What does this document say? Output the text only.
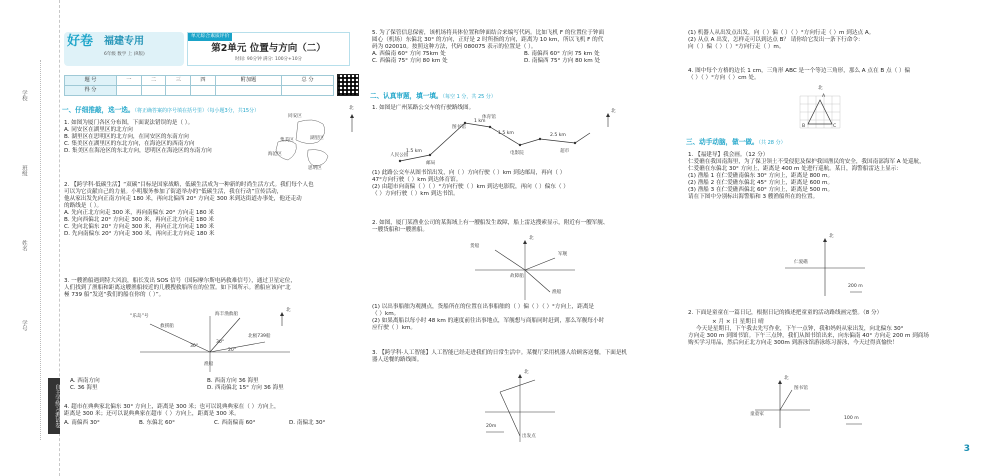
学校
班级
姓名
学号
自主学练习测试卷
好卷	福建专用
6年级 数学 上 (R版)
单元综合素质评价
第2单元 位置与方向（二）
时间: 90分钟 满分: 100分+10分
题 号	一	二	三	四	附加题	总 分
得 分						
一、仔细推敲，选一选。（将正确答案的序号填在括号里）（每小题3分，共15分）
1. 如图为厦门各区分布图，下面说法错误的是（ ）。
A. 同安区在湖里区的北方向
B. 湖里区在思明区的北方向，在同安区的东南方向
C. 集美区在湖里区的东北方向，在海沧区的西南方向
D. 集美区在海沧区的东北方向，思明区在海沧区的东南方向
同安区
集美区	湖里区
海沧区
思明区
北
2. 【跨学科·低碳生活】“双碳”目标是国家战略，低碳生活成为一种新的时尚生活方式。我们每个人也
可以为它贡献自己的力量。小明服务参加了街道举办的“低碳生活，我在行动”宣传活动，
他从家出发先向正南方向走 180 米，再向北偏西 20° 方向走 300 米到达街道办事处，他还走动
的路线是（ ）。
A. 先向正北方向走 300 米，再向南偏东 20° 方向走 180 米
B. 先向西偏北 20° 方向走 300 米，再向正北方向走 180 米
C. 先向北偏东 20° 方向走 300 米，再向正北方向走 180 米
D. 先向南偏东 20° 方向走 300 米，再向正北方向走 180 米
3. 一艘渔船遇到特大风浪，船长发出 SOS 信号（国际摩尔斯电码救难信号），通过卫星定位，
人们找到了渔船和距离这艘渔船较近的几艘搜救船所在的位置。如下图所示。渔船应该向“北
極 739 船”发送“我们的船在你的（ ）”。
“乐岛”号	海丰渔救船
救援船
北极739船
渔船
北
30°
30°
20°
A. 西南方向	B. 西南方向 36 海里
C. 36 海里	D. 西南偏北 15° 方向 36 海里
4. 超市在典典家北偏东 30° 方向上，距离是 300 米；也可以说典典家在（ ）方向上，
距离是 300 米；还可以说典典家在超市（ ）方向上，距离是 300 米。
A. 南偏西 30°	B. 东偏北 60°	C. 西南偏南 60°	D. 南偏北 30°
5. 为了保管信息保密，该机场将具体位置和钟面结合来编写代码。比如飞机 F 的位置位于钟面
圆心（机场）东偏北 30° 的方向，正好是 2 时所指的方向，距离为 10 km，所以飞机 F 的代
码为 020010。按照这种方法，代码 080075 表示的位置是（ ）。
A. 西偏南 60° 方向 75km 处	B. 南偏西 60° 方向 75 km 处
C. 西偏南 75° 方向 80 km 处	D. 南偏西 75° 方向 80 km 处
二、认真审题，填一填。（每空 1 分，共 25 分）
1. 如图是广州某路公交车的行驶路线图。
人民公园
图书馆
体育馆
电影院	超市
邮局
北
1.5 km
1 km
1.5 km	2.5 km
(1) 此路公交车从图书馆出发，向（ ）方向行驶（ ）km 到达邮局，再向（ ）
47°方向行驶（ ）km 到达体育馆。
(2) 由超市向南偏（ ）（ ）°方向行驶（ ）km 到达电影院，再向（ ）偏东（ ）
（ ）方向行驶（ ）km 到达书馆。
2. 如图，厦门某渔业公司的某海域上有一艘船发生故障，船上雷达搜索显示，附近有一艘军舰、
一艘货船和一艘渔船。
货船
故障船
军舰
渔船
北
(1) 以出事船舶为观测点，货船所在的位置在出事船舶的（ ）偏（ ）（ ）°方向上，距离是
（ ）km。
(2) 如果离船以每小时 48 km 的速度前往出事地点，军舰想与商船同时赶到，那么军舰每小时
应行驶（ ）km。
3. 【跨学科·人工智能】人工智能已经走进我们的日常生活中。某餐厅采用机器人给顾客送餐，下面是机
器人送餐的路线图。
北
20m
出发点
(1) 机器人从出发点出发，向（ ）偏（ ）（ ）°方向行走（ ）m 到达点 A。
(2) 从点 A 出发，怎样走可以到达点 B？ 请你给它发出一条下行命令：
向（ ）偏（ ）（ ）°方向行走（ ）m。
4. 图中每个方格的边长 1 cm，三角形 ABC 是一个等边三角形，那么 A 点在 B 点（ ）偏
（ ）（ ）°方向（ ）cm 处。
北
A
B	C
三、动手动脑，做一做。（共 28 分）
1. 【福建导】我会画。（12 分）
仁爱礁在我国南海里，为了保卫领土不受侵犯及保护我国渔民的安全，我国南部海军 A 处巡航，
仁爱礁在东偏北 30° 方向上，距离是 400 m 处进行巡航。某日，海警船雷达上显示：
(1) 渔船 1 在仁爱礁南偏东 30° 方向上，距离是 800 m。
(2) 渔船 2 在仁爱礁东偏北 45° 方向上，距离是 600 m。
(3) 渔船 3 在仁爱礁西偏北 60° 方向上，距离是 500 m。
请在下图中分别标出海警船和 3 艘渔船所在的位置。
北
仁爱礁
200 m
2. 下面是童童在一篇日记，根据日记的描述把童童的活动路线画完整。（8 分）
× 月 × 日 星期日 晴
今天是星期日，下午我去先写作业，下午一点钟，我和妈妈从家出发，向北偏东 30°
方向走 300 m 到图书馆。下午三点钟，我们从图书馆出来，向东偏南 40° 方向走 200 m 到商场
购买学习用品，然后向正北方向走 300m 到游泳馆游泳练习游泳，今天过得真愉快！
北
图书馆
童童家
100 m
3
